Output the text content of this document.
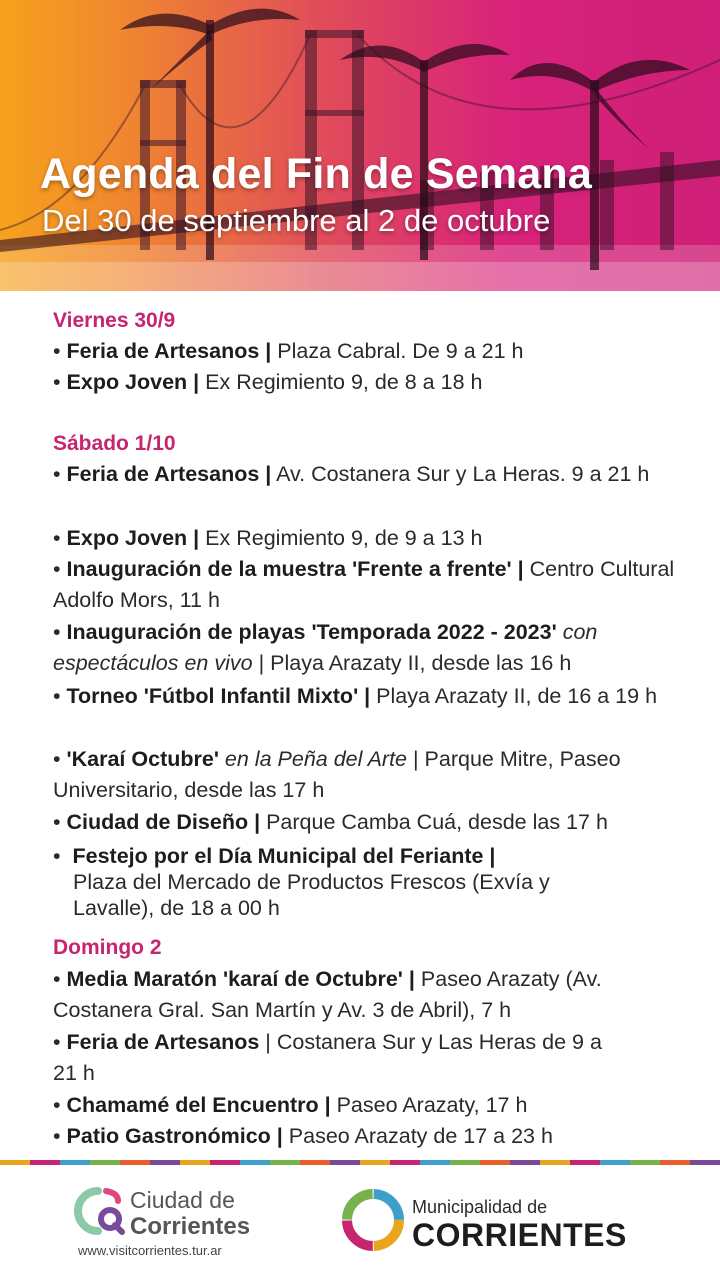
Agenda del Fin de Semana

Del 30 de septiembre al 2 de octubre

Viernes 30/9
• Feria de Artesanos | Plaza Cabral. De 9 a 21 h
• Expo Joven | Ex Regimiento 9, de 8 a 18 h
Sábado 1/10
• Feria de Artesanos | Av. Costanera Sur y La Heras. 9 a 21 h
• Expo Joven | Ex Regimiento 9, de 9 a 13 h
• Inauguración de la muestra 'Frente a frente' | Centro Cultural Adolfo Mors, 11 h
• Inauguración de playas 'Temporada 2022 - 2023' con espectáculos en vivo | Playa Arazaty II, desde las 16 h
• Torneo 'Fútbol Infantil Mixto' | Playa Arazaty II, de 16 a 19 h
• 'Karaí Octubre' en la Peña del Arte | Parque Mitre, Paseo Universitario, desde las 17 h
• Ciudad de Diseño | Parque Camba Cuá, desde las 17 h
•  Festejo por el Día Municipal del Feriante |
Plaza del Mercado de Productos Frescos (Exvía y Lavalle), de 18 a 00 h
Domingo 2
• Media Maratón 'karaí de Octubre' | Paseo Arazaty (Av. Costanera Gral. San Martín y Av. 3 de Abril), 7 h
• Feria de Artesanos | Costanera Sur y Las Heras de 9 a 21 h
• Chamamé del Encuentro | Paseo Arazaty, 17 h
• Patio Gastronómico | Paseo Arazaty de 17 a 23 h
Ciudad de
Corrientes
www.visitcorrientes.tur.ar
Municipalidad de
CORRIENTES
